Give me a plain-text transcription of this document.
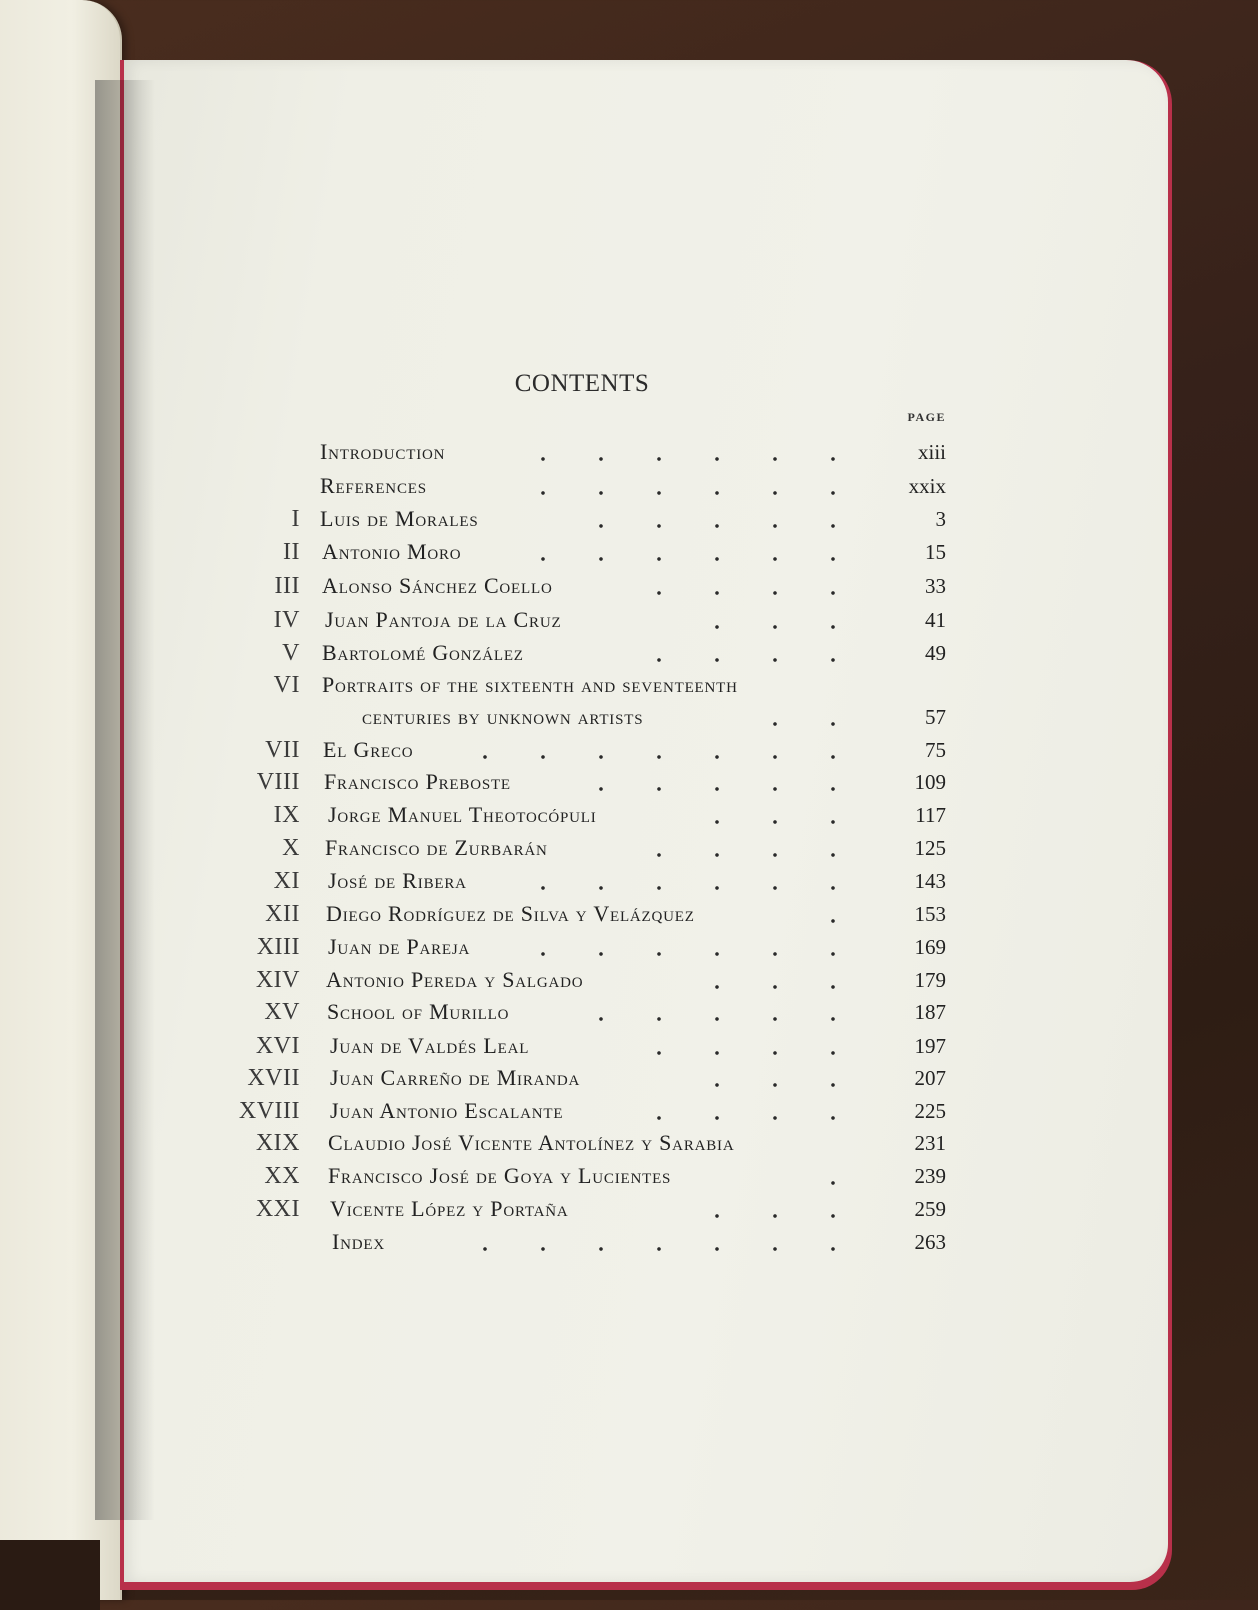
CONTENTS
PAGE
Introduction	xiii
References	xxix
I Luis de Morales	3
II Antonio Moro	15
III Alonso Sánchez Coello	33
IV Juan Pantoja de la Cruz	41
V Bartolomé González	49
VI Portraits of the sixteenth and seventeenth
centuries by unknown artists	57
VII El Greco	75
VIII Francisco Preboste	109
IX Jorge Manuel Theotocópuli	117
X Francisco de Zurbarán	125
XI José de Ribera	143
XII Diego Rodríguez de Silva y Velázquez	153
XIII Juan de Pareja	169
XIV Antonio Pereda y Salgado	179
XV School of Murillo	187
XVI Juan de Valdés Leal	197
XVII Juan Carreño de Miranda	207
XVIII Juan Antonio Escalante	225
XIX Claudio José Vicente Antolínez y Sarabia	231
XX Francisco José de Goya y Lucientes	239
XXI Vicente López y Portaña	259
Index	263
